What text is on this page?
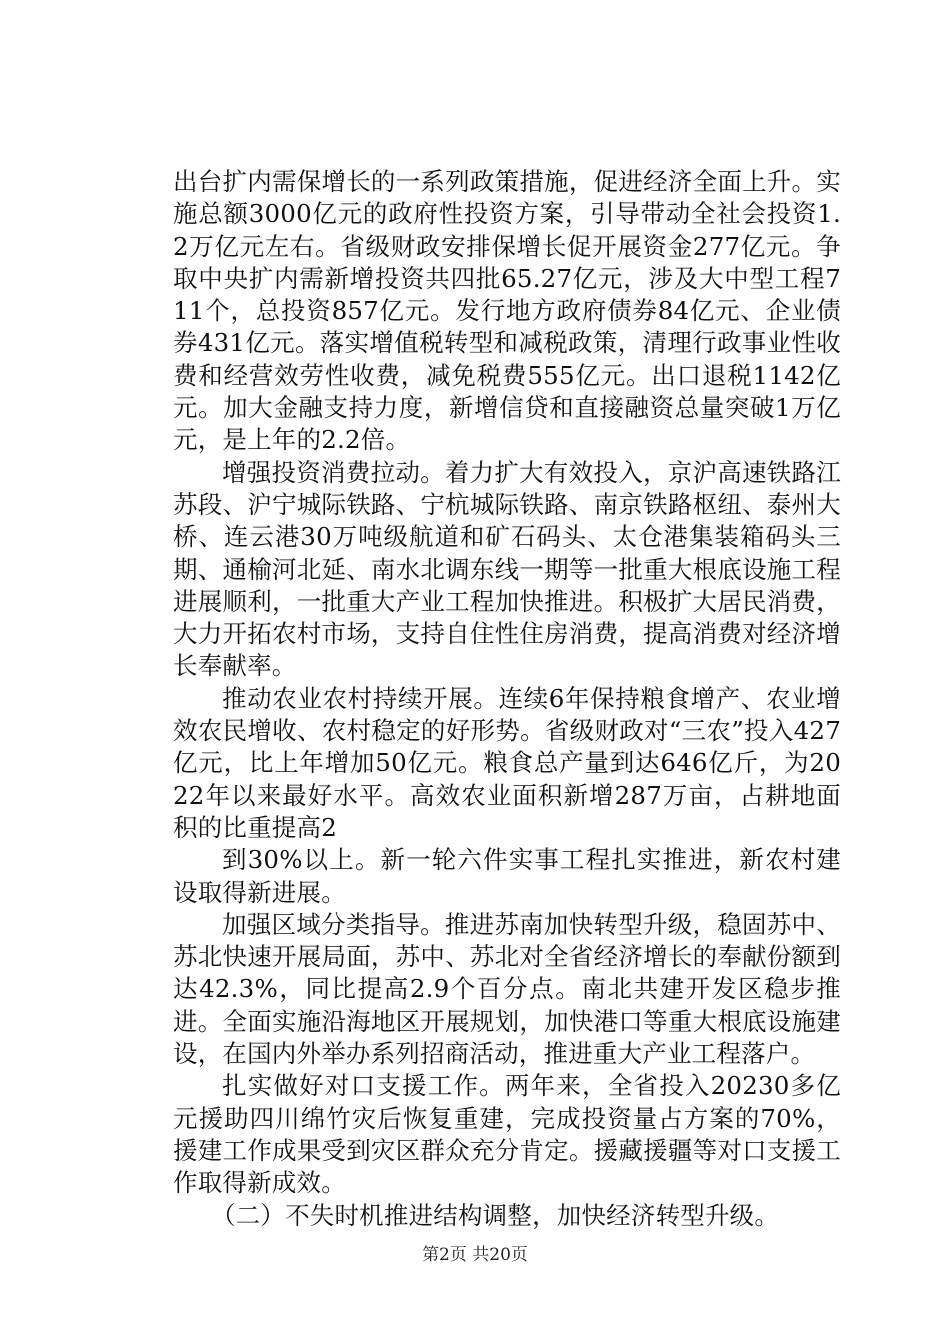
出台扩内需保增长的一系列政策措施，促进经济全面上升。实施总额3000亿元的政府性投资方案，引导带动全社会投资1.2万亿元左右。省级财政安排保增长促开展资金277亿元。争取中央扩内需新增投资共四批65.27亿元，涉及大中型工程711个，总投资857亿元。发行地方政府债券84亿元、企业债券431亿元。落实增值税转型和减税政策，清理行政事业性收费和经营效劳性收费，减免税费555亿元。出口退税1142亿元。加大金融支持力度，新增信贷和直接融资总量突破1万亿元，是上年的2.2倍。

增强投资消费拉动。着力扩大有效投入，京沪高速铁路江苏段、沪宁城际铁路、宁杭城际铁路、南京铁路枢纽、泰州大桥、连云港30万吨级航道和矿石码头、太仓港集装箱码头三期、通榆河北延、南水北调东线一期等一批重大根底设施工程进展顺利，一批重大产业工程加快推进。积极扩大居民消费，大力开拓农村市场，支持自住性住房消费，提高消费对经济增长奉献率。

推动农业农村持续开展。连续6年保持粮食增产、农业增效农民增收、农村稳定的好形势。省级财政对“三农”投入427亿元，比上年增加50亿元。粮食总产量到达646亿斤，为2022年以来最好水平。高效农业面积新增287万亩，占耕地面积的比重提高2

到30%以上。新一轮六件实事工程扎实推进，新农村建设取得新进展。

加强区域分类指导。推进苏南加快转型升级，稳固苏中、苏北快速开展局面，苏中、苏北对全省经济增长的奉献份额到达42.3%，同比提高2.9个百分点。南北共建开发区稳步推进。全面实施沿海地区开展规划，加快港口等重大根底设施建设，在国内外举办系列招商活动，推进重大产业工程落户。

扎实做好对口支援工作。两年来，全省投入20230多亿元援助四川绵竹灾后恢复重建，完成投资量占方案的70%，援建工作成果受到灾区群众充分肯定。援藏援疆等对口支援工作取得新成效。

（二）不失时机推进结构调整，加快经济转型升级。

第2页 共20页
